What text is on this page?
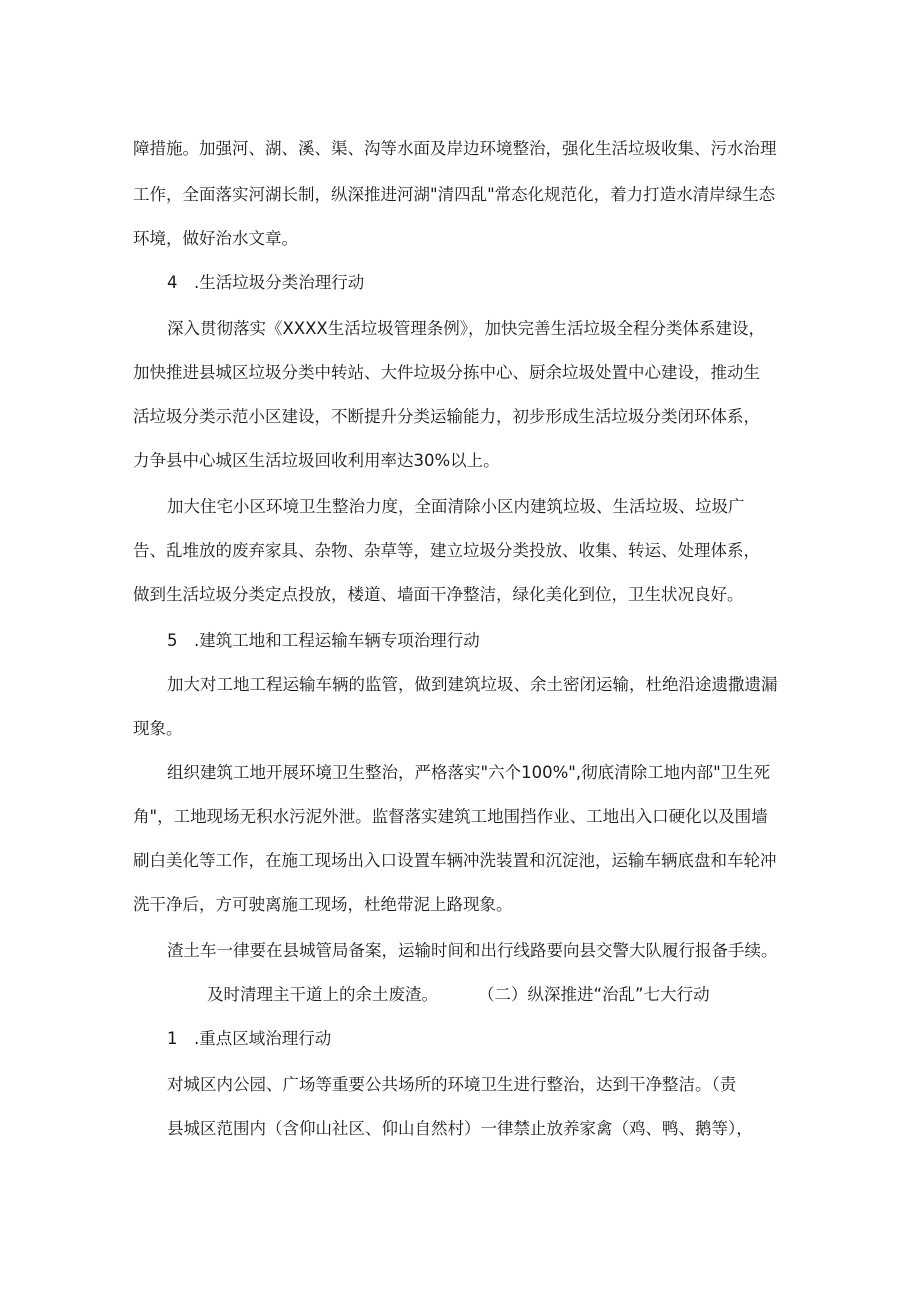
障措施。加强河、湖、溪、渠、沟等水面及岸边环境整治，强化生活垃圾收集、污水治理

工作，全面落实河湖长制，纵深推进河湖"清四乱"常态化规范化，着力打造水清岸绿生态

环境，做好治水文章。

4　.生活垃圾分类治理行动

深入贯彻落实《XXXX生活垃圾管理条例》，加快完善生活垃圾全程分类体系建设，

加快推进县城区垃圾分类中转站、大件垃圾分拣中心、厨余垃圾处置中心建设，推动生

活垃圾分类示范小区建设，不断提升分类运输能力，初步形成生活垃圾分类闭环体系，

力争县中心城区生活垃圾回收利用率达30%以上。

加大住宅小区环境卫生整治力度，全面清除小区内建筑垃圾、生活垃圾、垃圾广

告、乱堆放的废弃家具、杂物、杂草等，建立垃圾分类投放、收集、转运、处理体系，

做到生活垃圾分类定点投放，楼道、墙面干净整洁，绿化美化到位，卫生状况良好。

5　.建筑工地和工程运输车辆专项治理行动

加大对工地工程运输车辆的监管，做到建筑垃圾、余土密闭运输，杜绝沿途遗撒遗漏

现象。

组织建筑工地开展环境卫生整治，严格落实"六个100%",彻底清除工地内部"卫生死

角"，工地现场无积水污泥外泄。监督落实建筑工地围挡作业、工地出入口硬化以及围墙

刷白美化等工作，在施工现场出入口设置车辆冲洗装置和沉淀池，运输车辆底盘和车轮冲

洗干净后，方可驶离施工现场，杜绝带泥上路现象。

渣土车一律要在县城管局备案，运输时间和出行线路要向县交警大队履行报备手续。

及时清理主干道上的余土废渣。 （二）纵深推进“治乱”七大行动

1　.重点区域治理行动

对城区内公园、广场等重要公共场所的环境卫生进行整治，达到干净整洁。（责

县城区范围内（含仰山社区、仰山自然村）一律禁止放养家禽（鸡、鸭、鹅等），
